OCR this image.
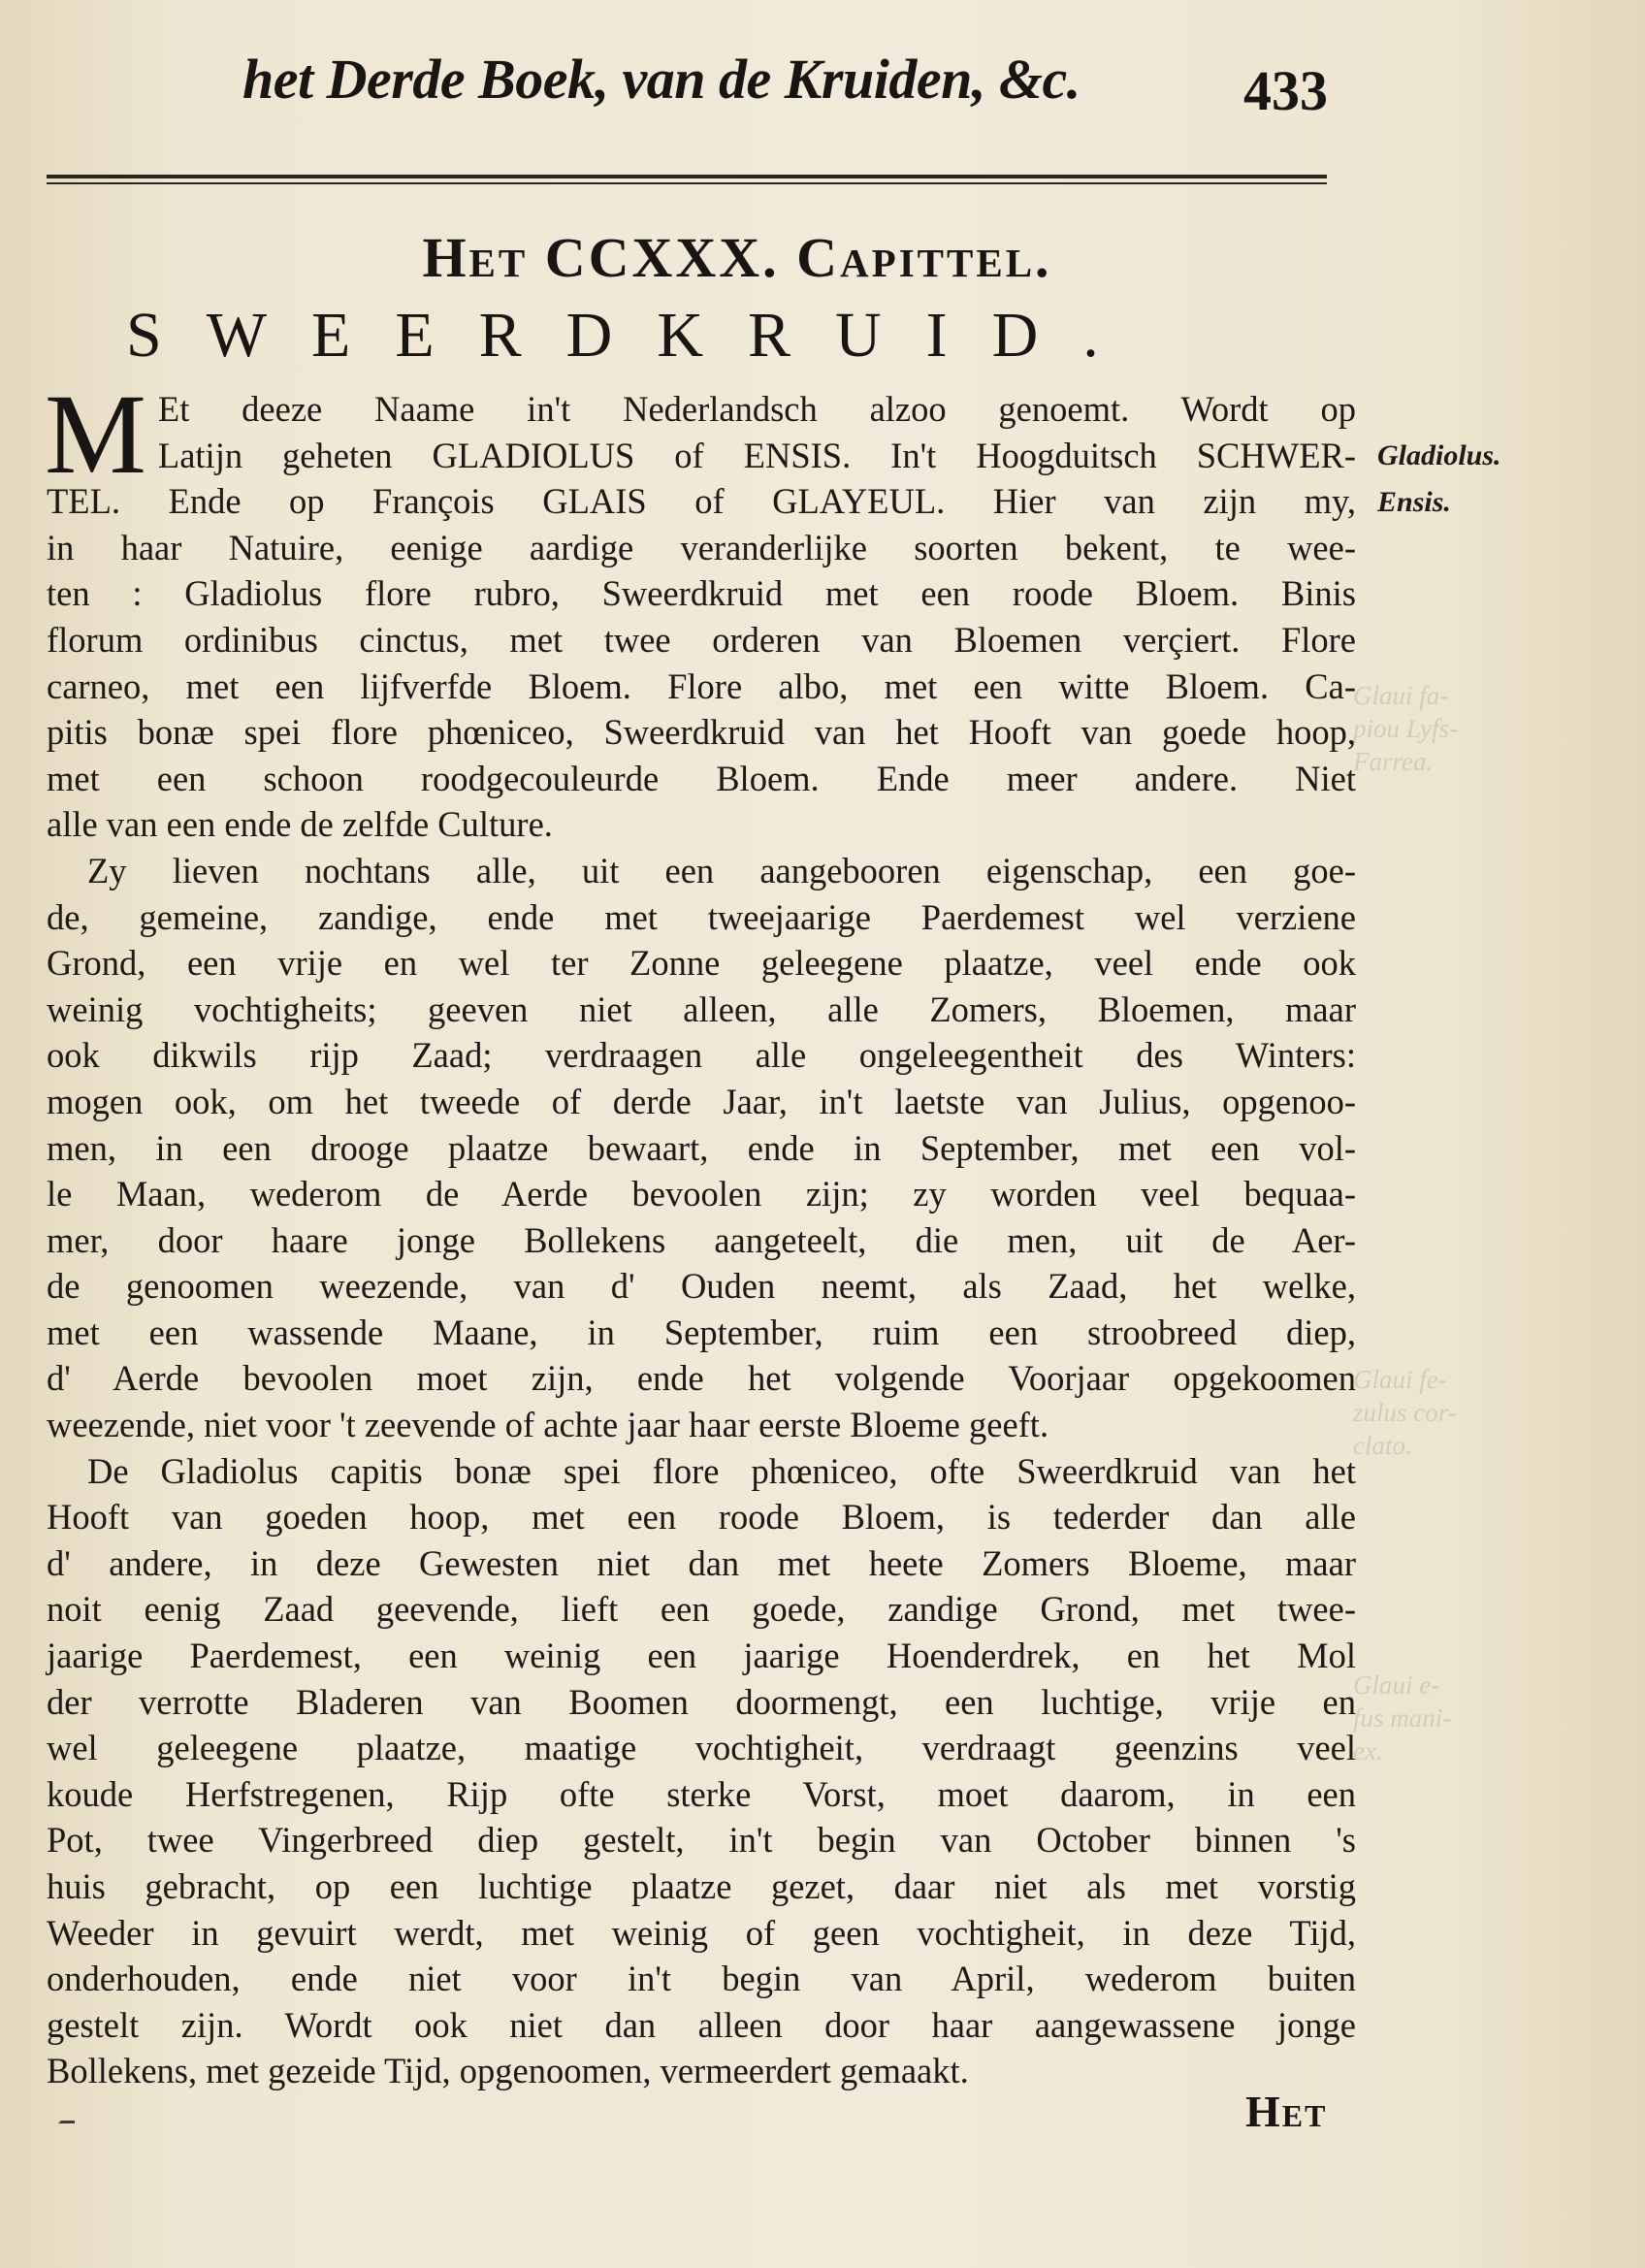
Glaui fa-
piou Lyfs-
Farrea.
Glaui fe-
zulus cor-
clato.
Glaui e-
fus mani-
ex.
het Derde Boek, van de Kruiden, &c.	433
Het CCXXX. Capittel.
SWEERDKRUID.
M Et deeze Naame in't Nederlandsch alzoo genoemt. Wordt op

Latijn geheten GLADIOLUS of ENSIS. In't Hoogduitsch SCHWER-

TEL. Ende op François GLAIS of GLAYEUL. Hier van zijn my,

in haar Natuire, eenige aardige veranderlijke soorten bekent, te wee-

ten : Gladiolus flore rubro, Sweerdkruid met een roode Bloem. Binis

florum ordinibus cinctus, met twee orderen van Bloemen verçiert. Flore

carneo, met een lijfverfde Bloem. Flore albo, met een witte Bloem. Ca-

pitis bonæ spei flore phœniceo, Sweerdkruid van het Hooft van goede hoop,

met een schoon roodgecouleurde Bloem. Ende meer andere. Niet

alle van een ende de zelfde Culture.

Zy lieven nochtans alle, uit een aangebooren eigenschap, een goe-

de, gemeine, zandige, ende met tweejaarige Paerdemest wel verziene

Grond, een vrije en wel ter Zonne geleegene plaatze, veel ende ook

weinig vochtigheits; geeven niet alleen, alle Zomers, Bloemen, maar

ook dikwils rijp Zaad; verdraagen alle ongeleegentheit des Winters:

mogen ook, om het tweede of derde Jaar, in't laetste van Julius, opgenoo-

men, in een drooge plaatze bewaart, ende in September, met een vol-

le Maan, wederom de Aerde bevoolen zijn; zy worden veel bequaa-

mer, door haare jonge Bollekens aangeteelt, die men, uit de Aer-

de genoomen weezende, van d' Ouden neemt, als Zaad, het welke,

met een wassende Maane, in September, ruim een stroobreed diep,

d' Aerde bevoolen moet zijn, ende het volgende Voorjaar opgekoomen

weezende, niet voor 't zeevende of achte jaar haar eerste Bloeme geeft.

De Gladiolus capitis bonæ spei flore phœniceo, ofte Sweerdkruid van het

Hooft van goeden hoop, met een roode Bloem, is tederder dan alle

d' andere, in deze Gewesten niet dan met heete Zomers Bloeme, maar

noit eenig Zaad geevende, lieft een goede, zandige Grond, met twee-

jaarige Paerdemest, een weinig een jaarige Hoenderdrek, en het Mol

der verrotte Bladeren van Boomen doormengt, een luchtige, vrije en

wel geleegene plaatze, maatige vochtigheit, verdraagt geenzins veel

koude Herfstregenen, Rijp ofte sterke Vorst, moet daarom, in een

Pot, twee Vingerbreed diep gestelt, in't begin van October binnen 's

huis gebracht, op een luchtige plaatze gezet, daar niet als met vorstig

Weeder in gevuirt werdt, met weinig of geen vochtigheit, in deze Tijd,

onderhouden, ende niet voor in't begin van April, wederom buiten

gestelt zijn. Wordt ook niet dan alleen door haar aangewassene jonge

Bollekens, met gezeide Tijd, opgenoomen, vermeerdert gemaakt.

Gladiolus.
Ensis.
Het
